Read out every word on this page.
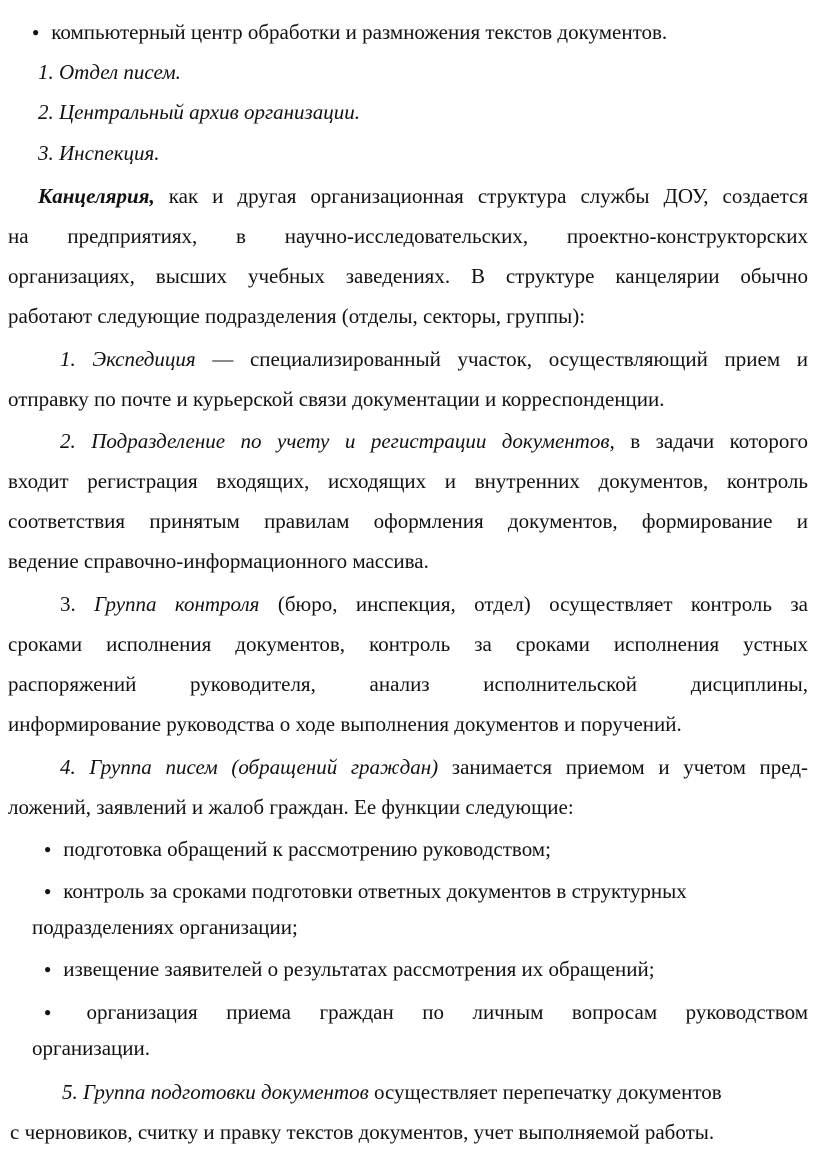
● компьютерный центр обработки и размножения текстов документов.
1. Отдел писем.
2. Центральный архив организации.
3. Инспекция.
Канцелярия, как и другая организационная структура службы ДОУ, создается
на предприятиях, в научно-исследовательских, проектно-конструкторских
организациях, высших учебных заведениях. В структуре канцелярии обычно
работают следующие подразделения (отделы, секторы, группы):
1. Экспедиция — специализированный участок, осуществляющий прием и
отправку по почте и курьерской связи документации и корреспонденции.
2. Подразделение по учету и регистрации документов, в задачи которого
входит регистрация входящих, исходящих и внутренних документов, контроль
соответствия принятым правилам оформления документов, формирование и
ведение справочно-информационного массива.
3. Группа контроля (бюро, инспекция, отдел) осуществляет контроль за
сроками исполнения документов, контроль за сроками исполнения устных
распоряжений руководителя, анализ исполнительской дисциплины,
информирование руководства о ходе выполнения документов и поручений.
4. Группа писем (обращений граждан) занимается приемом и учетом пред-
ложений, заявлений и жалоб граждан. Ее функции следующие:
● подготовка обращений к рассмотрению руководством;
● контроль за сроками подготовки ответных документов в структурных
подразделениях организации;
● извещение заявителей о результатах рассмотрения их обращений;
● организация приема граждан по личным вопросам руководством
организации.
5. Группа подготовки документов осуществляет перепечатку документов
с черновиков, считку и правку текстов документов, учет выполняемой работы.
